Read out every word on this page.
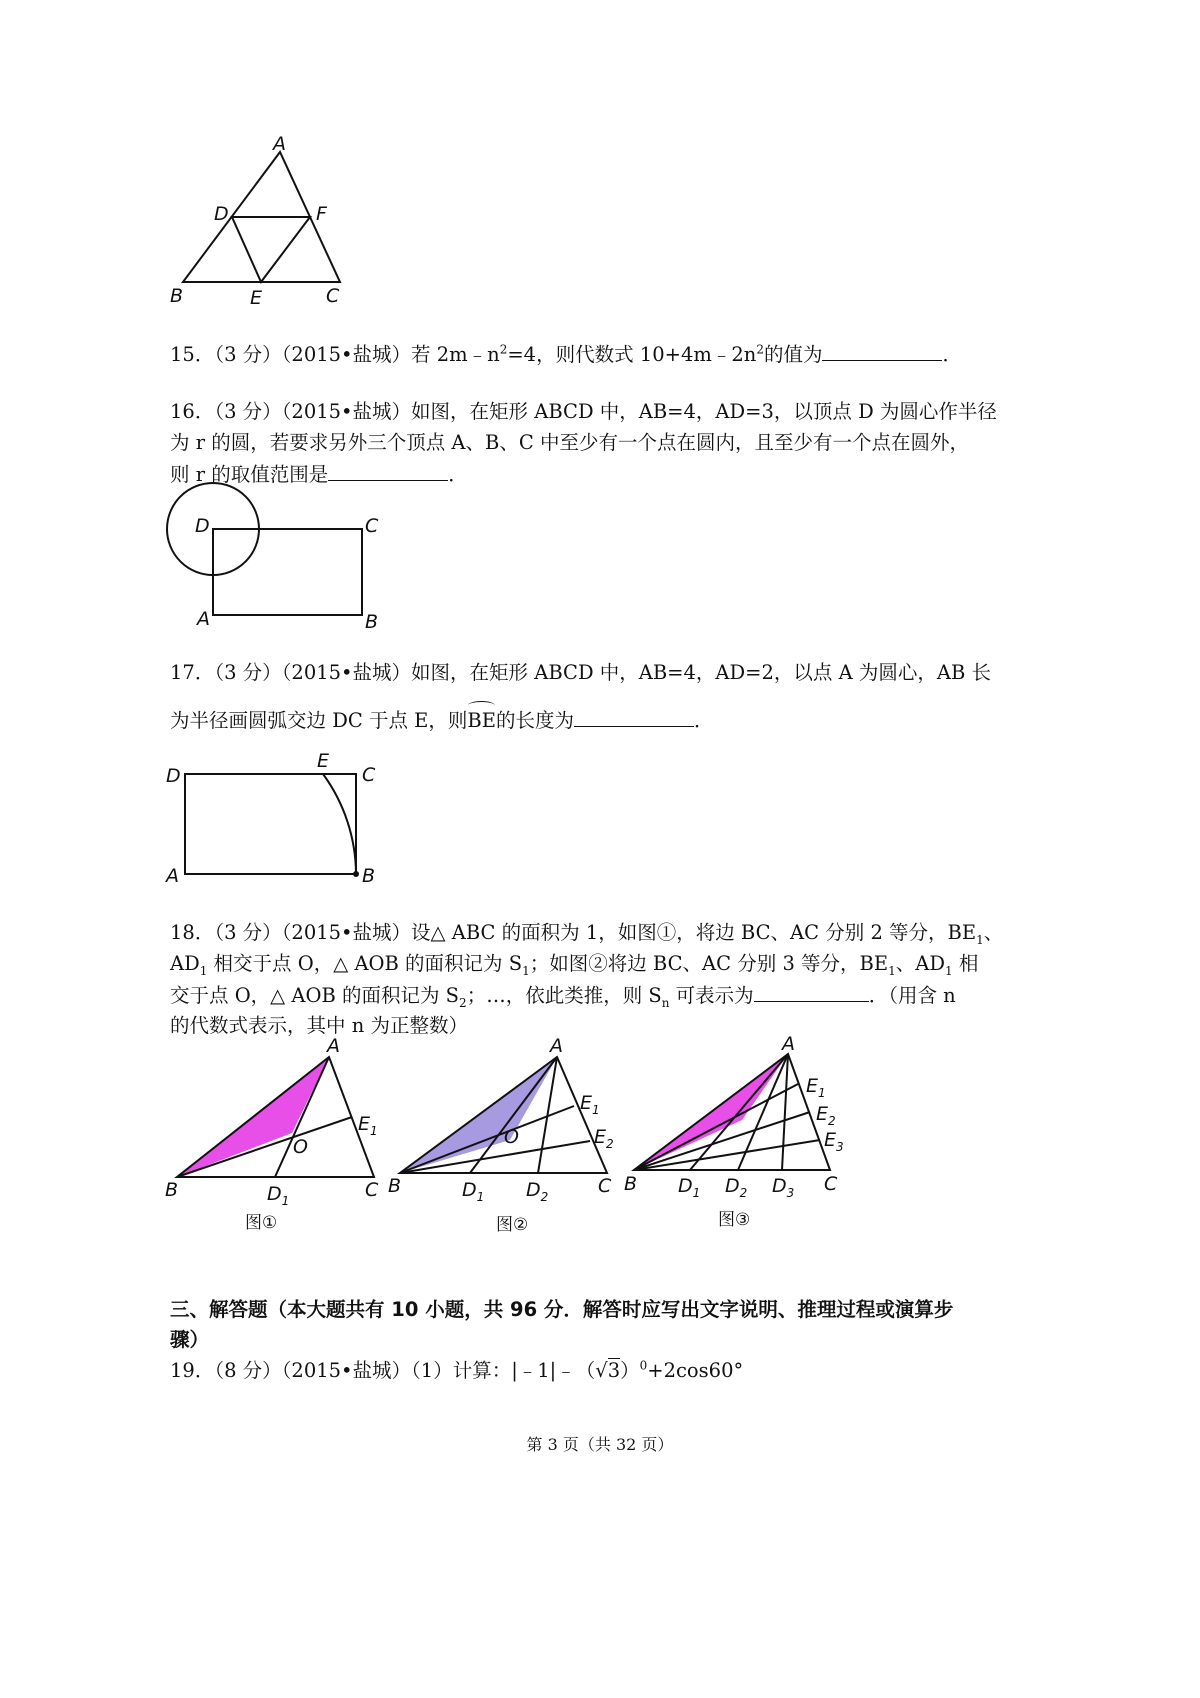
A
D	F
B	E	C
15．（3 分）（2015•盐城）若 $2m﹣n^2=4$，则代数式 $10+4m﹣2n^2$的值为	．
16．（3 分）（2015•盐城）如图，在矩形 ABCD 中，AB=4，AD=3，以顶点 D 为圆心作半径
为 r 的圆，若要求另外三个顶点 A、B、C 中至少有一个点在圆内，且至少有一个点在圆外，
则 r 的取值范围是	．
D	C
A	B
17．（3 分）（2015•盐城）如图，在矩形 ABCD 中，AB=4，AD=2，以点 A 为圆心，AB 长
为半径画圆弧交边 DC 于点 E，则BE的长度为	．
D
E
C
A	B
18．（3 分）（2015•盐城）设△ ABC 的面积为 1，如图①，将边 BC、AC 分别 2 等分，$BE_1$、
$AD_1$ 相交于点 O，△ AOB 的面积记为 $S_1$；如图②将边 BC、AC 分别 3 等分，$BE_1$、$AD_1$ 相
交于点 O，△ AOB 的面积记为 $S_2$；…，依此类推，则 $S_n$ 可表示为	．（用含 n
的代数式表示，其中 n 为正整数）
A
B	C
O
$E_1$
$D_1$
图①
A
B	C
O
$E_1$
$E_2$
$D_1$ $D_2$
图②
A
B	C
$E_1$
$E_2$
$E_3$
$D_1$ $D_2$ $D_3$
图③
三、解答题（本大题共有 10 小题，共 96 分．解答时应写出文字说明、推理过程或演算步
骤）
19．（8 分）（2015•盐城）（1）计算：$|﹣1|﹣(√3)^0+2\cos 60^\circ$
第 3 页（共 32 页）
